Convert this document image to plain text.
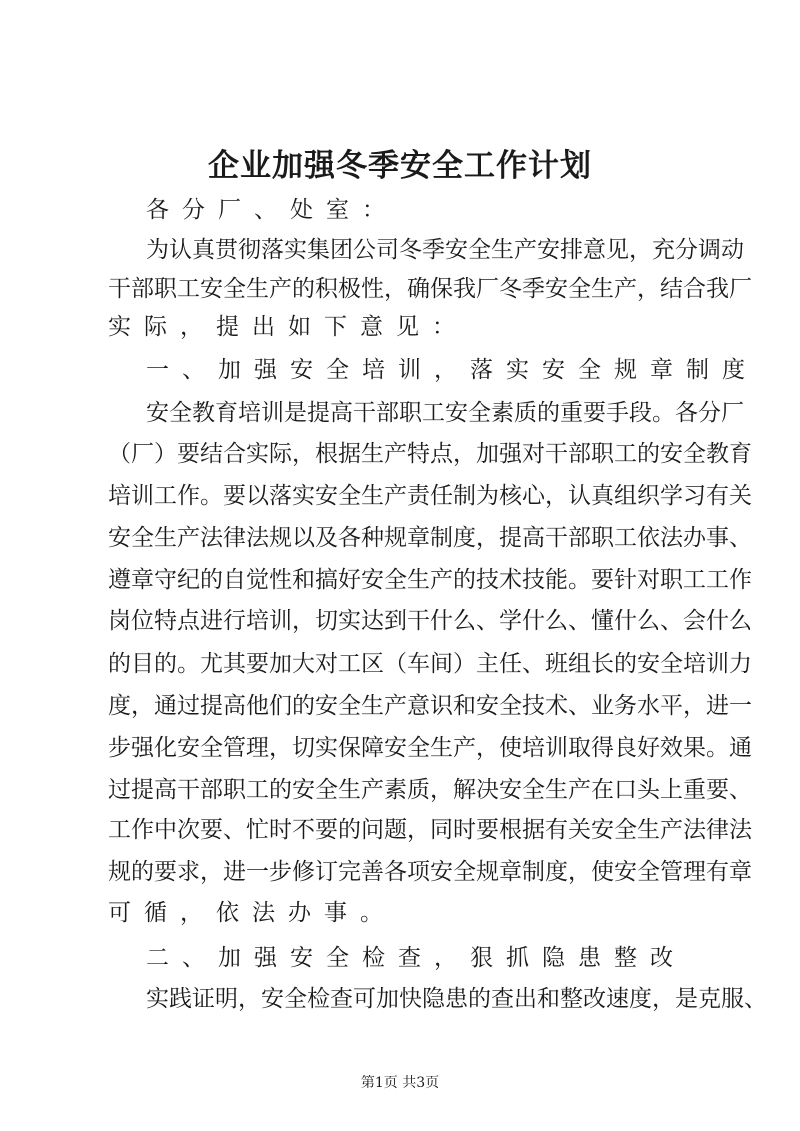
企业加强冬季安全工作计划
各分厂、处室：
为认真贯彻落实集团公司冬季安全生产安排意见，充分调动
干部职工安全生产的积极性，确保我厂冬季安全生产，结合我厂
实际，提出如下意见：
一、加强安全培训，落实安全规章制度
安全教育培训是提高干部职工安全素质的重要手段。各分厂
（厂）要结合实际，根据生产特点，加强对干部职工的安全教育
培训工作。要以落实安全生产责任制为核心，认真组织学习有关
安全生产法律法规以及各种规章制度，提高干部职工依法办事、
遵章守纪的自觉性和搞好安全生产的技术技能。要针对职工工作
岗位特点进行培训，切实达到干什么、学什么、懂什么、会什么
的目的。尤其要加大对工区（车间）主任、班组长的安全培训力
度，通过提高他们的安全生产意识和安全技术、业务水平，进一
步强化安全管理，切实保障安全生产，使培训取得良好效果。通
过提高干部职工的安全生产素质，解决安全生产在口头上重要、
工作中次要、忙时不要的问题，同时要根据有关安全生产法律法
规的要求，进一步修订完善各项安全规章制度，使安全管理有章
可循，依法办事。
二、加强安全检查，狠抓隐患整改
实践证明，安全检查可加快隐患的查出和整改速度，是克服、
第1页 共3页
